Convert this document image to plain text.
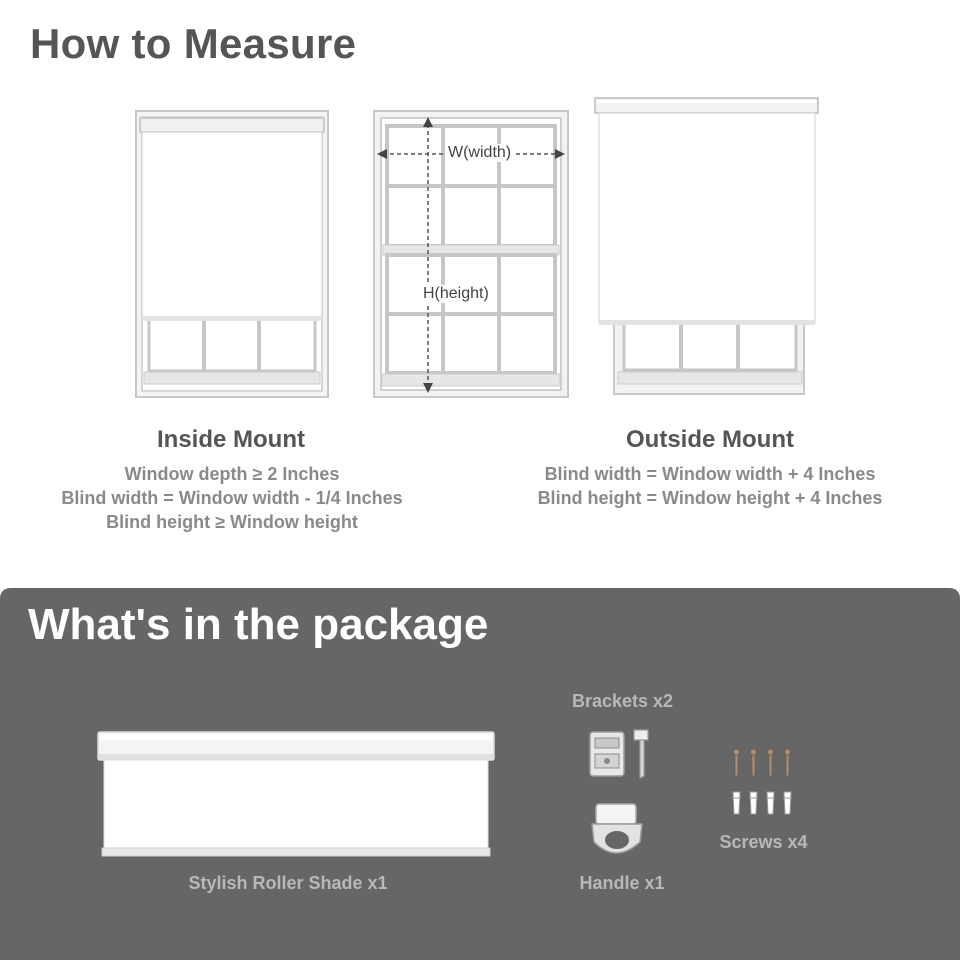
How to Measure
W(width)
H(height)
Inside Mount
Window depth ≥ 2 Inches
Blind width = Window width - 1/4 Inches
Blind height ≥ Window height
Outside Mount
Blind width = Window width + 4 Inches
Blind height = Window height + 4 Inches
What's in the package
Stylish Roller Shade x1
Brackets x2
Screws x4
Handle x1
